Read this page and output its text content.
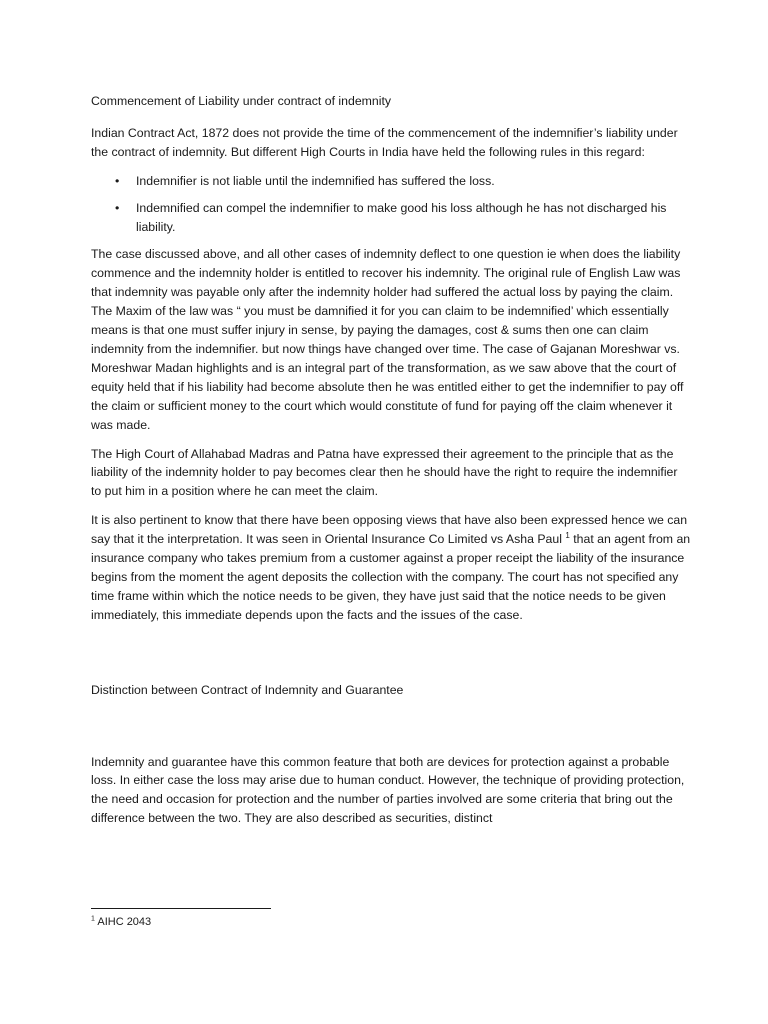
Commencement of Liability under contract of indemnity

Indian Contract Act, 1872 does not provide the time of the commencement of the indemnifier’s liability under the contract of indemnity. But different High Courts in India have held the following rules in this regard:

• Indemnifier is not liable until the indemnified has suffered the loss.
• Indemnified can compel the indemnifier to make good his loss although he has not discharged his liability.

The case discussed above, and all other cases of indemnity deflect to one question ie when does the liability commence and the indemnity holder is entitled to recover his indemnity. The original rule of English Law was that indemnity was payable only after the indemnity holder had suffered the actual loss by paying the claim. The Maxim of the law was “ you must be damnified it for you can claim to be indemnified’ which essentially means is that one must suffer injury in sense, by paying the damages, cost & sums then one can claim indemnity from the indemnifier. but now things have changed over time. The case of Gajanan Moreshwar vs. Moreshwar Madan highlights and is an integral part of the transformation, as we saw above that the court of equity held that if his liability had become absolute then he was entitled either to get the indemnifier to pay off the claim or sufficient money to the court which would constitute of fund for paying off the claim whenever it was made.

The High Court of Allahabad Madras and Patna have expressed their agreement to the principle that as the liability of the indemnity holder to pay becomes clear then he should have the right to require the indemnifier to put him in a position where he can meet the claim.

It is also pertinent to know that there have been opposing views that have also been expressed hence we can say that it the interpretation. It was seen in Oriental Insurance Co Limited vs Asha Paul $^1$ that an agent from an insurance company who takes premium from a customer against a proper receipt the liability of the insurance begins from the moment the agent deposits the collection with the company. The court has not specified any time frame within which the notice needs to be given, they have just said that the notice needs to be given immediately, this immediate depends upon the facts and the issues of the case.

Distinction between Contract of Indemnity and Guarantee

Indemnity and guarantee have this common feature that both are devices for protection against a probable loss. In either case the loss may arise due to human conduct. However, the technique of providing protection, the need and occasion for protection and the number of parties involved are some criteria that bring out the difference between the two. They are also described as securities, distinct

$^1$ AIHC 2043
